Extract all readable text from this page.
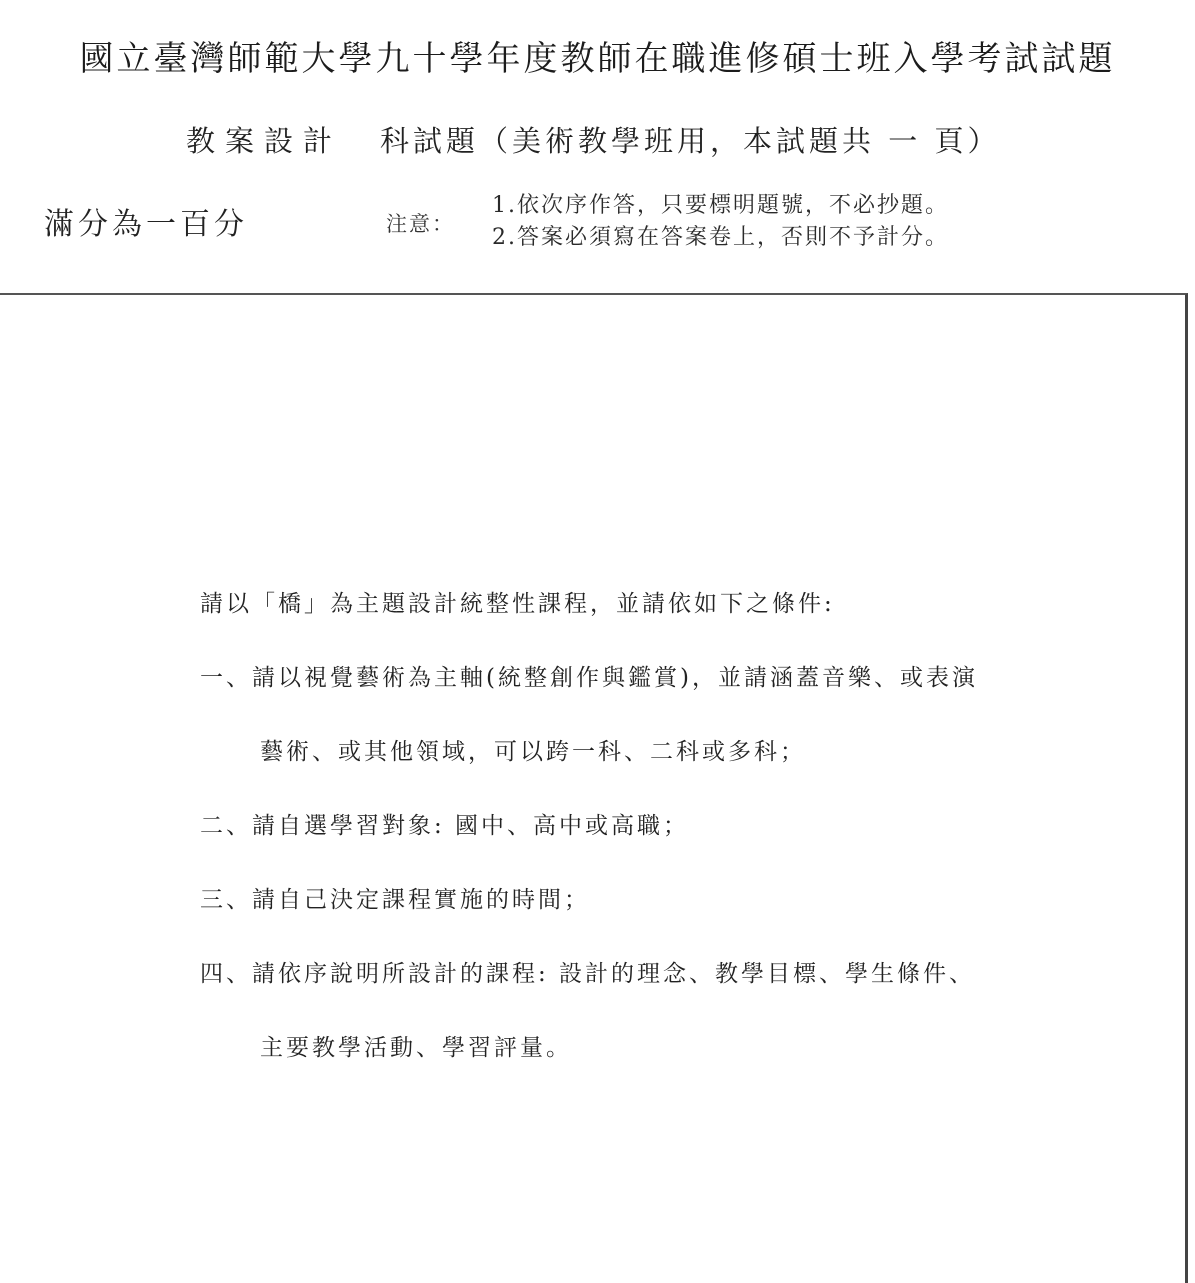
國立臺灣師範大學九十學年度教師在職進修碩士班入學考試試題
教案設計 科試題（美術教學班用，本試題共 一 頁）
滿分為一百分	注意：
1.依次序作答，只要標明題號，不必抄題。
2.答案必須寫在答案卷上，否則不予計分。
請以「橋」為主題設計統整性課程，並請依如下之條件:
一、請以視覺藝術為主軸(統整創作與鑑賞)，並請涵蓋音樂、或表演
藝術、或其他領域，可以跨一科、二科或多科；
二、請自選學習對象: 國中、高中或高職；
三、請自己決定課程實施的時間；
四、請依序說明所設計的課程: 設計的理念、教學目標、學生條件、
主要教學活動、學習評量。
